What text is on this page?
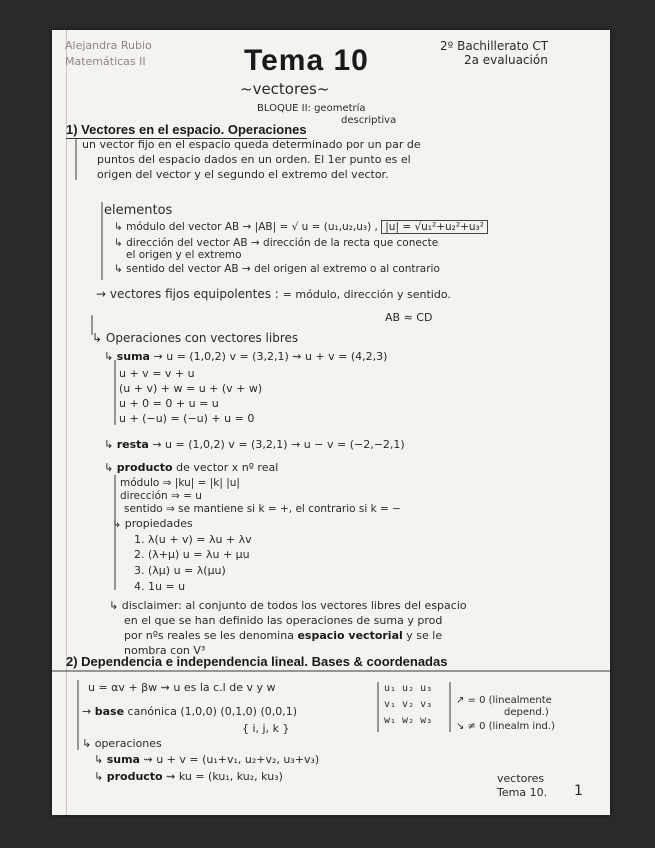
Alejandra Rubio
Matemáticas II
2º Bachillerato CT
2a evaluación
Tema 10
~vectores~
BLOQUE II: geometría
descriptiva
1) Vectores en el espacio. Operaciones
un vector fijo en el espacio queda determinado por un par de
puntos del espacio dados en un orden. El 1er punto es el
origen del vector y el segundo el extremo del vector.
elementos
↳ módulo del vector AB → |AB| = √ u = (u₁,u₂,u₃) , |u| = √u₁²+u₂²+u₃²
↳ dirección del vector AB → dirección de la recta que conecte
el origen y el extremo
↳ sentido del vector AB → del origen al extremo o al contrario
→ vectores fijos equipolentes : = módulo, dirección y sentido.
AB ≈ CD
↳ Operaciones con vectores libres
↳ suma → u = (1,0,2) v = (3,2,1) ⇝ u + v = (4,2,3)
u + v = v + u
(u + v) + w = u + (v + w)
u + 0 = 0 + u = u
u + (−u) = (−u) + u = 0
↳ resta → u = (1,0,2) v = (3,2,1) → u − v = (−2,−2,1)
↳ producto de vector x nº real
módulo ⇒ |ku| = |k| |u|
dirección ⇒ = u
sentido ⇒ se mantiene si k = +, el contrario si k = −
↳ propiedades
1. λ(u + v) = λu + λv
2. (λ+μ) u = λu + μu
3. (λμ) u = λ(μu)
4. 1u = u
↳ disclaimer: al conjunto de todos los vectores libres del espacio
en el que se han definido las operaciones de suma y prod
por nºs reales se les denomina espacio vectorial y se le
nombra con V³
2) Dependencia e independencia lineal. Bases & coordenadas
u = αv + βw ⇝ u es la c.l de v y w	u₁ u₂ u₃
v₁ v₂ v₃
w₁ w₂ w₃
↗ = 0 (linealmente
depend.)
↘ ≠ 0 (linealm ind.)
→ base canónica (1,0,0) (0,1,0) (0,0,1)
{ i, j, k }
↳ operaciones
↳ suma ⇝ u + v = (u₁+v₁, u₂+v₂, u₃+v₃)
↳ producto ⇝ ku = (ku₁, ku₂, ku₃)	vectores
Tema 10. 1
